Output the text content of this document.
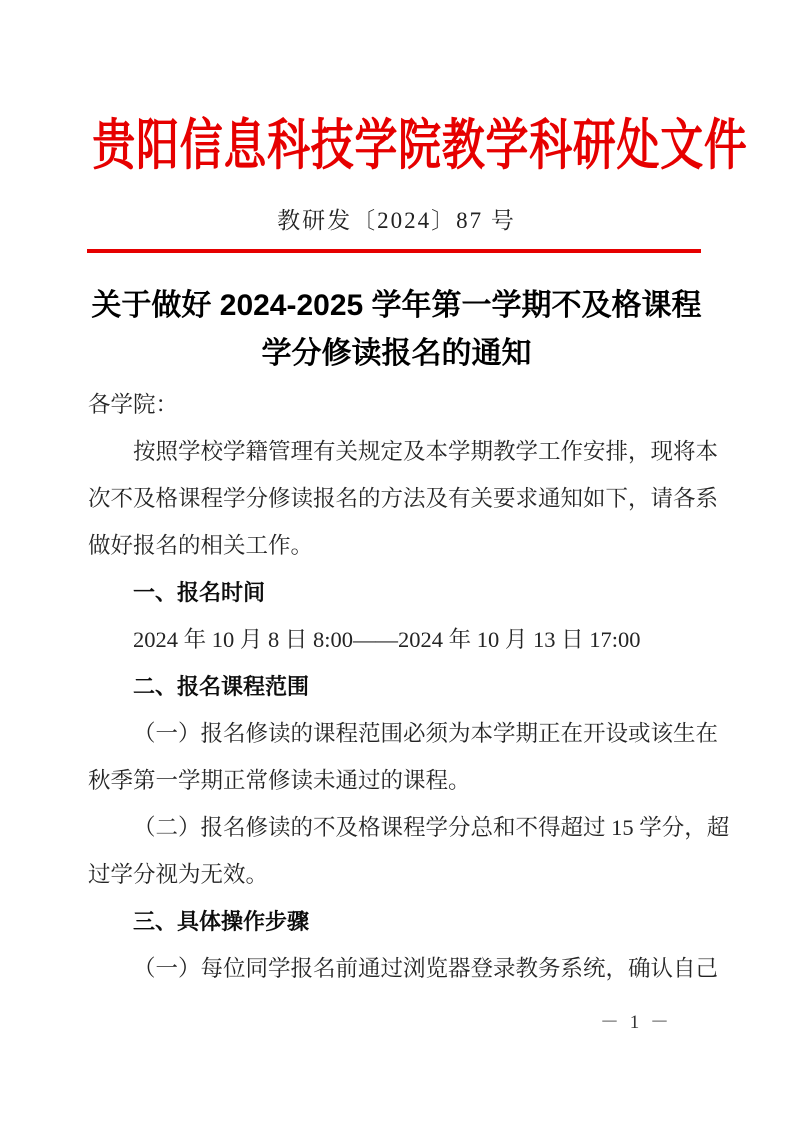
贵阳信息科技学院教学科研处文件
教研发〔2024〕87 号
关于做好 2024-2025 学年第一学期不及格课程
学分修读报名的通知
各学院：
按照学校学籍管理有关规定及本学期教学工作安排，现将本
次不及格课程学分修读报名的方法及有关要求通知如下，请各系
做好报名的相关工作。
一、报名时间
2024 年 10 月 8 日 8:00——2024 年 10 月 13 日 17:00
二、报名课程范围
（一）报名修读的课程范围必须为本学期正在开设或该生在
秋季第一学期正常修读未通过的课程。
（二）报名修读的不及格课程学分总和不得超过 15 学分，超
过学分视为无效。
三、具体操作步骤
（一）每位同学报名前通过浏览器登录教务系统，确认自己
－ 1 －
